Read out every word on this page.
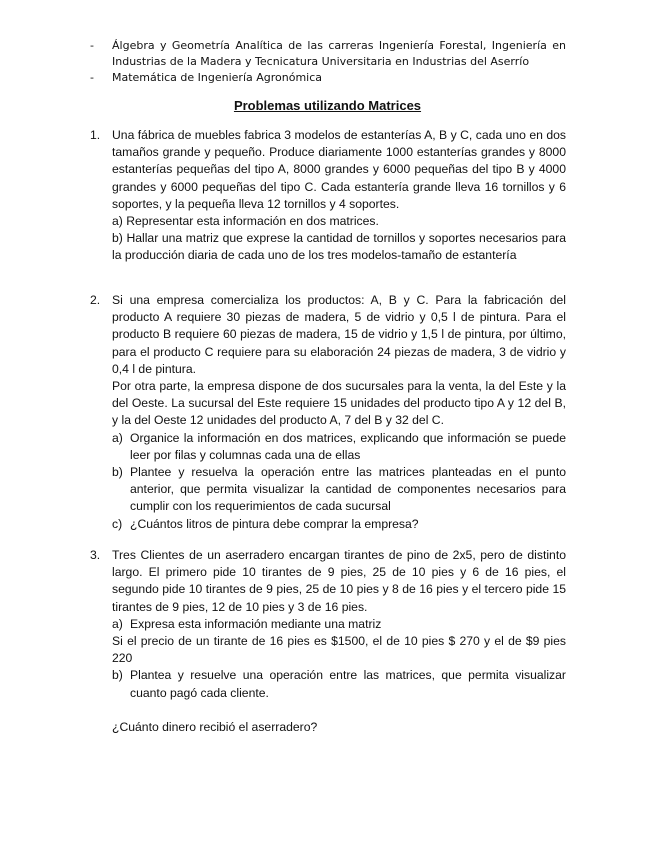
- Álgebra y Geometría Analítica de las carreras Ingeniería Forestal, Ingeniería en Industrias de la Madera y Tecnicatura Universitaria en Industrias del Aserrío
- Matemática de Ingeniería Agronómica
Problemas utilizando Matrices
1. Una fábrica de muebles fabrica 3 modelos de estanterías A, B y C, cada uno en dos tamaños grande y pequeño. Produce diariamente 1000 estanterías grandes y 8000 estanterías pequeñas del tipo A, 8000 grandes y 6000 pequeñas del tipo B y 4000 grandes y 6000 pequeñas del tipo C. Cada estantería grande lleva 16 tornillos y 6 soportes, y la pequeña lleva 12 tornillos y 4 soportes.

a) Representar esta información en dos matrices.

b) Hallar una matriz que exprese la cantidad de tornillos y soportes necesarios para la producción diaria de cada uno de los tres modelos-tamaño de estantería

2. Si una empresa comercializa los productos: A, B y C. Para la fabricación del producto A requiere 30 piezas de madera, 5 de vidrio y 0,5 l de pintura. Para el producto B requiere 60 piezas de madera, 15 de vidrio y 1,5 l de pintura, por último, para el producto C requiere para su elaboración 24 piezas de madera, 3 de vidrio y 0,4 l de pintura.

Por otra parte, la empresa dispone de dos sucursales para la venta, la del Este y la del Oeste. La sucursal del Este requiere 15 unidades del producto tipo A y 12 del B, y la del Oeste 12 unidades del producto A, 7 del B y 32 del C.

a) Organice la información en dos matrices, explicando que información se puede leer por filas y columnas cada una de ellas
b) Plantee y resuelva la operación entre las matrices planteadas en el punto anterior, que permita visualizar la cantidad de componentes necesarios para cumplir con los requerimientos de cada sucursal
c) ¿Cuántos litros de pintura debe comprar la empresa?
3. Tres Clientes de un aserradero encargan tirantes de pino de 2x5, pero de distinto largo. El primero pide 10 tirantes de 9 pies, 25 de 10 pies y 6 de 16 pies, el segundo pide 10 tirantes de 9 pies, 25 de 10 pies y 8 de 16 pies y el tercero pide 15 tirantes de 9 pies, 12 de 10 pies y 3 de 16 pies.

a) Expresa esta información mediante una matriz

Si el precio de un tirante de 16 pies es $1500, el de 10 pies $ 270 y el de $9 pies 220

b) Plantea y resuelve una operación entre las matrices, que permita visualizar cuanto pagó cada cliente.

¿Cuánto dinero recibió el aserradero?
